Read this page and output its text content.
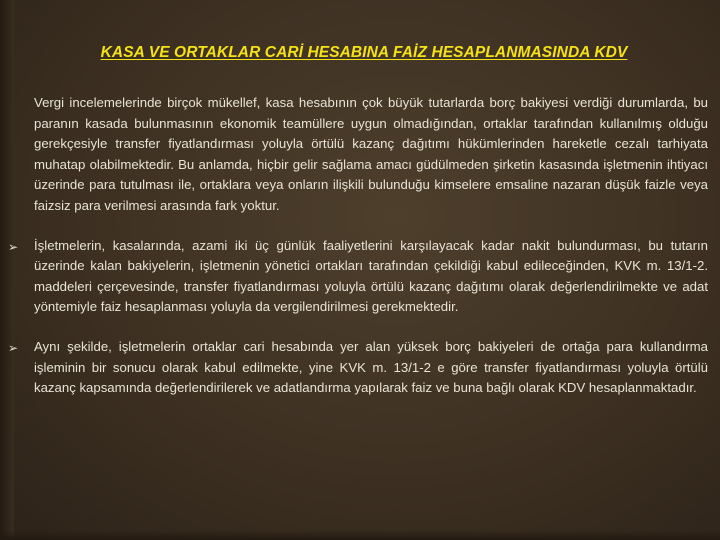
KASA VE ORTAKLAR CARİ HESABINA FAİZ HESAPLANMASINDA KDV

Vergi incelemelerinde birçok mükellef, kasa hesabının çok büyük tutarlarda borç bakiyesi verdiği durumlarda, bu paranın kasada bulunmasının ekonomik teamüllere uygun olmadığından, ortaklar tarafından kullanılmış olduğu gerekçesiyle transfer fiyatlandırması yoluyla örtülü kazanç dağıtımı hükümlerinden hareketle cezalı tarhiyata muhatap olabilmektedir. Bu anlamda, hiçbir gelir sağlama amacı güdülmeden şirketin kasasında işletmenin ihtiyacı üzerinde para tutulması ile, ortaklara veya onların ilişkili bulunduğu kimselere emsaline nazaran düşük faizle veya faizsiz para verilmesi arasında fark yoktur.

➢ İşletmelerin, kasalarında, azami iki üç günlük faaliyetlerini karşılayacak kadar nakit bulundurması, bu tutarın üzerinde kalan bakiyelerin, işletmenin yönetici ortakları tarafından çekildiği kabul edileceğinden, KVK m. 13/1-2. maddeleri çerçevesinde, transfer fiyatlandırması yoluyla örtülü kazanç dağıtımı olarak değerlendirilmekte ve adat yöntemiyle faiz hesaplanması yoluyla da vergilendirilmesi gerekmektedir.

➢ Aynı şekilde, işletmelerin ortaklar cari hesabında yer alan yüksek borç bakiyeleri de ortağa para kullandırma işleminin bir sonucu olarak kabul edilmekte, yine KVK m. 13/1-2 e göre transfer fiyatlandırması yoluyla örtülü kazanç kapsamında değerlendirilerek ve adatlandırma yapılarak faiz ve buna bağlı olarak KDV hesaplanmaktadır.
